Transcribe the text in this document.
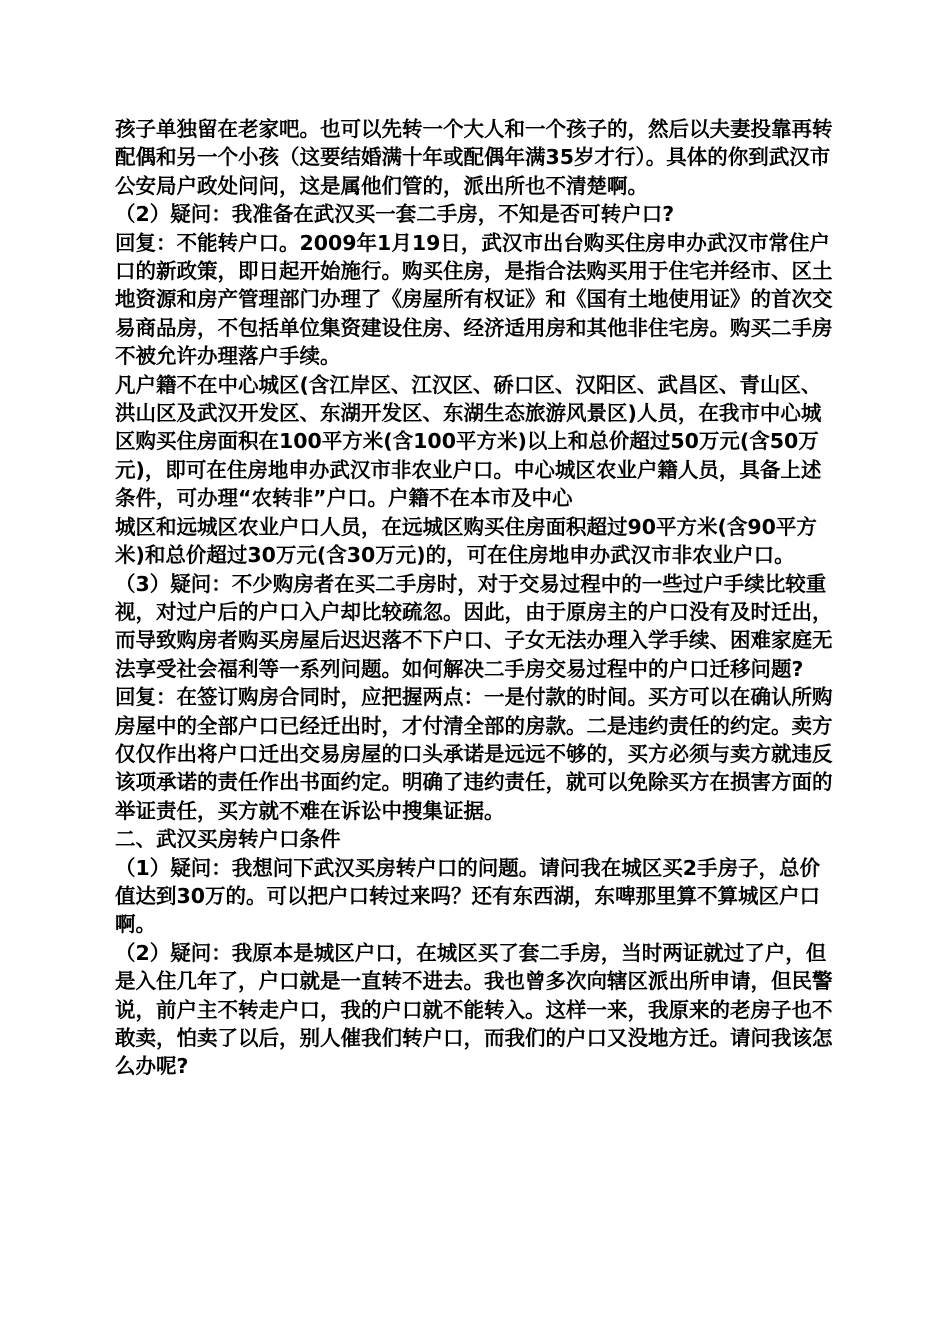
孩子单独留在老家吧。也可以先转一个大人和一个孩子的，然后以夫妻投靠再转配偶和另一个小孩（这要结婚满十年或配偶年满35岁才行）。具体的你到武汉市公安局户政处问问，这是属他们管的，派出所也不清楚啊。

（2）疑问：我准备在武汉买一套二手房，不知是否可转户口?

回复：不能转户口。2009年1月19日，武汉市出台购买住房申办武汉市常住户口的新政策，即日起开始施行。购买住房，是指合法购买用于住宅并经市、区土地资源和房产管理部门办理了《房屋所有权证》和《国有土地使用证》的首次交易商品房，不包括单位集资建设住房、经济适用房和其他非住宅房。购买二手房不被允许办理落户手续。

凡户籍不在中心城区(含江岸区、江汉区、硚口区、汉阳区、武昌区、青山区、洪山区及武汉开发区、东湖开发区、东湖生态旅游风景区)人员，在我市中心城区购买住房面积在100平方米(含100平方米)以上和总价超过50万元(含50万元)，即可在住房地申办武汉市非农业户口。中心城区农业户籍人员，具备上述条件，可办理“农转非”户口。户籍不在本市及中心

城区和远城区农业户口人员，在远城区购买住房面积超过90平方米(含90平方米)和总价超过30万元(含30万元)的，可在住房地申办武汉市非农业户口。

（3）疑问：不少购房者在买二手房时，对于交易过程中的一些过户手续比较重视，对过户后的户口入户却比较疏忽。因此，由于原房主的户口没有及时迁出，而导致购房者购买房屋后迟迟落不下户口、子女无法办理入学手续、困难家庭无法享受社会福利等一系列问题。如何解决二手房交易过程中的户口迁移问题?

回复：在签订购房合同时，应把握两点：一是付款的时间。买方可以在确认所购房屋中的全部户口已经迁出时，才付清全部的房款。二是违约责任的约定。卖方仅仅作出将户口迁出交易房屋的口头承诺是远远不够的，买方必须与卖方就违反该项承诺的责任作出书面约定。明确了违约责任，就可以免除买方在损害方面的举证责任，买方就不难在诉讼中搜集证据。

二、武汉买房转户口条件

（1）疑问：我想问下武汉买房转户口的问题。请问我在城区买2手房子，总价值达到30万的。可以把户口转过来吗？还有东西湖，东啤那里算不算城区户口啊。

（2）疑问：我原本是城区户口，在城区买了套二手房，当时两证就过了户，但是入住几年了，户口就是一直转不进去。我也曾多次向辖区派出所申请，但民警说，前户主不转走户口，我的户口就不能转入。这样一来，我原来的老房子也不敢卖，怕卖了以后，别人催我们转户口，而我们的户口又没地方迁。请问我该怎么办呢?
